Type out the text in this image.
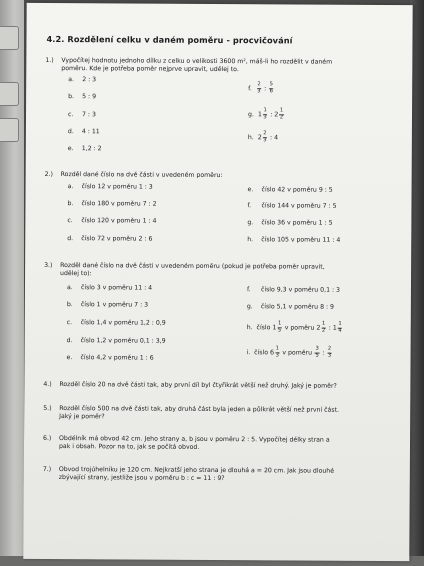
4.2. Rozdělení celku v daném poměru - procvičování
1.) Vypočítej hodnotu jednoho dílku z celku o velikosti 3600 m², máš-li ho rozdělit v daném
poměru. Kde je potřeba poměr nejprve upravit, udělej to.
a. 2 : 3
b. 5 : 9
c. 7 : 3
d. 4 : 11
e. 1,2 : 2
f. $\frac{2}{3}$ : $\frac{5}{6}$
g. $1 \frac{1}{3}$ : $2 \frac{1}{2}$
h. $2 \frac{2}{3}$ : 4
2.) Rozděl dané číslo na dvě části v uvedeném poměru:
a. číslo 12 v poměru 1 : 3
b. číslo 180 v poměru 7 : 2
c. číslo 120 v poměru 1 : 4
d. číslo 72 v poměru 2 : 6
e. číslo 42 v poměru 9 : 5
f. číslo 144 v poměru 7 : 5
g. číslo 36 v poměru 1 : 5
h. číslo 105 v poměru 11 : 4
3.) Rozděl dané číslo na dvě části v uvedeném poměru (pokud je potřeba poměr upravit,
udělej to):
a. číslo 3 v poměru 11 : 4
b. číslo 1 v poměru 7 : 3
c. číslo 1,4 v poměru 1,2 : 0,9
d. číslo 1,2 v poměru 0,1 : 3,9
e. číslo 4,2 v poměru 1 : 6
f. číslo 9,3 v poměru 0,1 : 3
g. číslo 5,1 v poměru 8 : 9
h. číslo $1 \frac{1}{5}$ v poměru $2 \frac{1}{2}$ : $1 \frac{1}{4}$
i. číslo $6 \frac{1}{3}$ v poměru $\frac{3}{5}$ : $\frac{2}{3}$
4.) Rozděl číslo 20 na dvě části tak, aby první díl byl čtyřikrát větší než druhý. Jaký je poměr?
5.) Rozděl číslo 500 na dvě části tak, aby druhá část byla jeden a půlkrát větší než první část.
Jaký je poměr?
6.) Obdélník má obvod 42 cm. Jeho strany a, b jsou v poměru 2 : 5. Vypočítej délky stran a
pak i obsah. Pozor na to, jak se počítá obvod.
7.) Obvod trojúhelníku je 120 cm. Nejkratší jeho strana je dlouhá a = 20 cm. Jak jsou dlouhé
zbývající strany, jestliže jsou v poměru b : c = 11 : 9?
